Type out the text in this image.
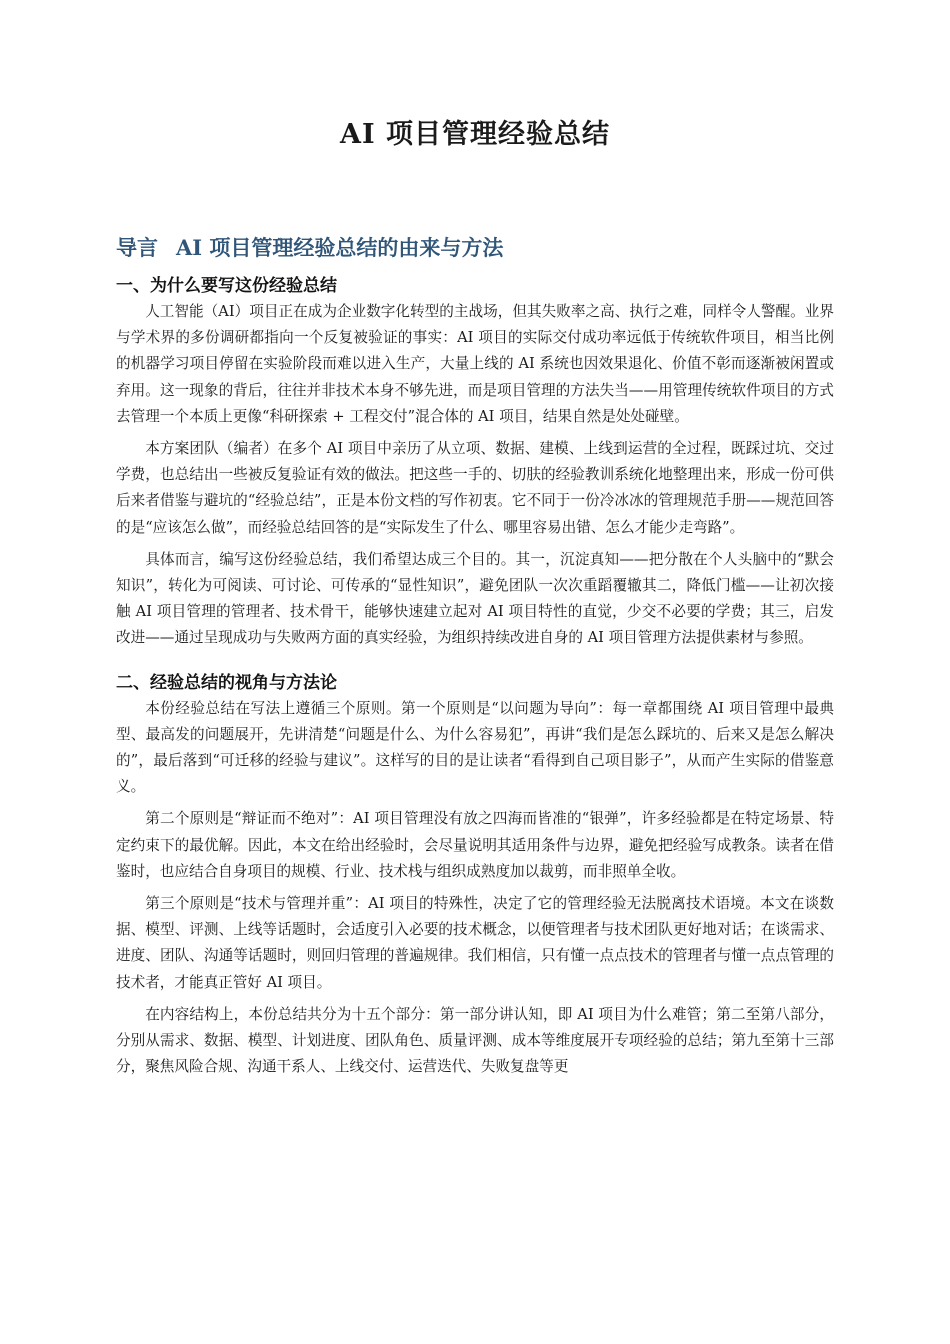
AI 项目管理经验总结
导言 AI 项目管理经验总结的由来与方法
一、为什么要写这份经验总结

人工智能（AI）项目正在成为企业数字化转型的主战场，但其失败率之高、执行之难，同样令人警醒。业界与学术界的多份调研都指向一个反复被验证的事实：AI 项目的实际交付成功率远低于传统软件项目，相当比例的机器学习项目停留在实验阶段而难以进入生产，大量上线的 AI 系统也因效果退化、价值不彰而逐渐被闲置或弃用。这一现象的背后，往往并非技术本身不够先进，而是项目管理的方法失当——用管理传统软件项目的方式去管理一个本质上更像“科研探索 + 工程交付”混合体的 AI 项目，结果自然是处处碰壁。

本方案团队（编者）在多个 AI 项目中亲历了从立项、数据、建模、上线到运营的全过程，既踩过坑、交过学费，也总结出一些被反复验证有效的做法。把这些一手的、切肤的经验教训系统化地整理出来，形成一份可供后来者借鉴与避坑的“经验总结”，正是本份文档的写作初衷。它不同于一份冷冰冰的管理规范手册——规范回答的是“应该怎么做”，而经验总结回答的是“实际发生了什么、哪里容易出错、怎么才能少走弯路”。

具体而言，编写这份经验总结，我们希望达成三个目的。其一，沉淀真知——把分散在个人头脑中的“默会知识”，转化为可阅读、可讨论、可传承的“显性知识”，避免团队一次次重蹈覆辙其二，降低门槛——让初次接触 AI 项目管理的管理者、技术骨干，能够快速建立起对 AI 项目特性的直觉，少交不必要的学费；其三，启发改进——通过呈现成功与失败两方面的真实经验，为组织持续改进自身的 AI 项目管理方法提供素材与参照。

二、经验总结的视角与方法论

本份经验总结在写法上遵循三个原则。第一个原则是“以问题为导向”：每一章都围绕 AI 项目管理中最典型、最高发的问题展开，先讲清楚“问题是什么、为什么容易犯”，再讲“我们是怎么踩坑的、后来又是怎么解决的”，最后落到“可迁移的经验与建议”。这样写的目的是让读者“看得到自己项目影子”，从而产生实际的借鉴意义。

第二个原则是“辩证而不绝对”：AI 项目管理没有放之四海而皆准的“银弹”，许多经验都是在特定场景、特定约束下的最优解。因此，本文在给出经验时，会尽量说明其适用条件与边界，避免把经验写成教条。读者在借鉴时，也应结合自身项目的规模、行业、技术栈与组织成熟度加以裁剪，而非照单全收。

第三个原则是“技术与管理并重”：AI 项目的特殊性，决定了它的管理经验无法脱离技术语境。本文在谈数据、模型、评测、上线等话题时，会适度引入必要的技术概念，以便管理者与技术团队更好地对话；在谈需求、进度、团队、沟通等话题时，则回归管理的普遍规律。我们相信，只有懂一点点技术的管理者与懂一点点管理的技术者，才能真正管好 AI 项目。

在内容结构上，本份总结共分为十五个部分：第一部分讲认知，即 AI 项目为什么难管；第二至第八部分，分别从需求、数据、模型、计划进度、团队角色、质量评测、成本等维度展开专项经验的总结；第九至第十三部分，聚焦风险合规、沟通干系人、上线交付、运营迭代、失败复盘等更
